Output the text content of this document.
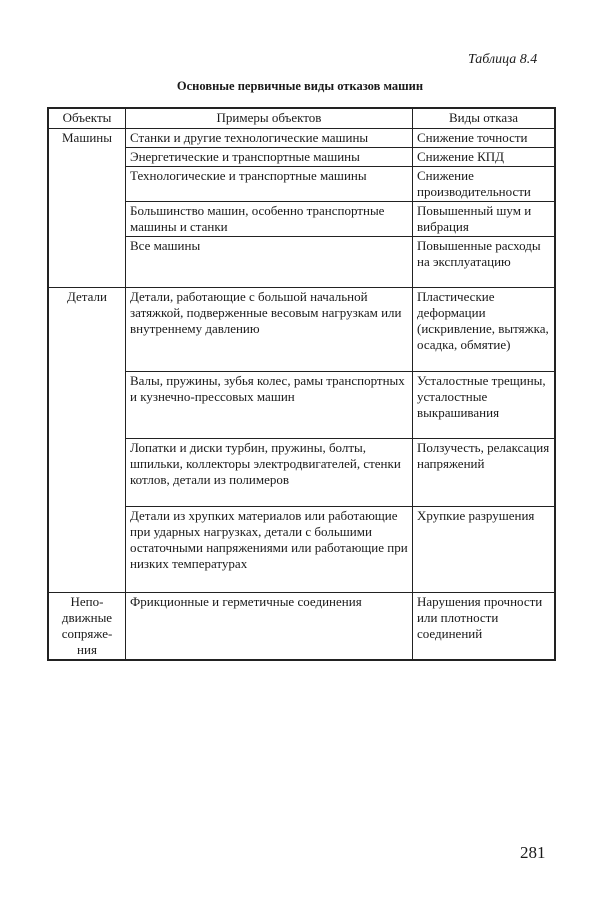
Таблица 8.4
Основные первичные виды отказов машин
Объекты	Примеры объектов	Виды отказа
Машины	Станки и другие технологические машины	Снижение точности
	Энергетические и транспортные машины	Снижение КПД
	Технологические и транспортные машины	Снижение производительности
	Большинство машин, особенно транспортные машины и станки	Повышенный шум и вибрация
	Все машины	Повышенные расходы на эксплуатацию
Детали	Детали, работающие с большой начальной затяжкой, подверженные весовым нагрузкам или внутреннему давлению	Пластические деформации (искривление, вытяжка, осадка, обмятие)
	Валы, пружины, зубья колес, рамы транспортных и кузнечно-прессовых машин	Усталостные трещины, усталостные выкрашивания
	Лопатки и диски турбин, пружины, болты, шпильки, коллекторы электродвигателей, стенки котлов, детали из полимеров	Ползучесть, релаксация напряжений
	Детали из хрупких материалов или работающие при ударных нагрузках, детали с большими остаточными напряжениями или работающие при низких температурах	Хрупкие разрушения
Непо-движные сопряже-ния	Фрикционные и герметичные соединения	Нарушения прочности или плотности соединений
281
